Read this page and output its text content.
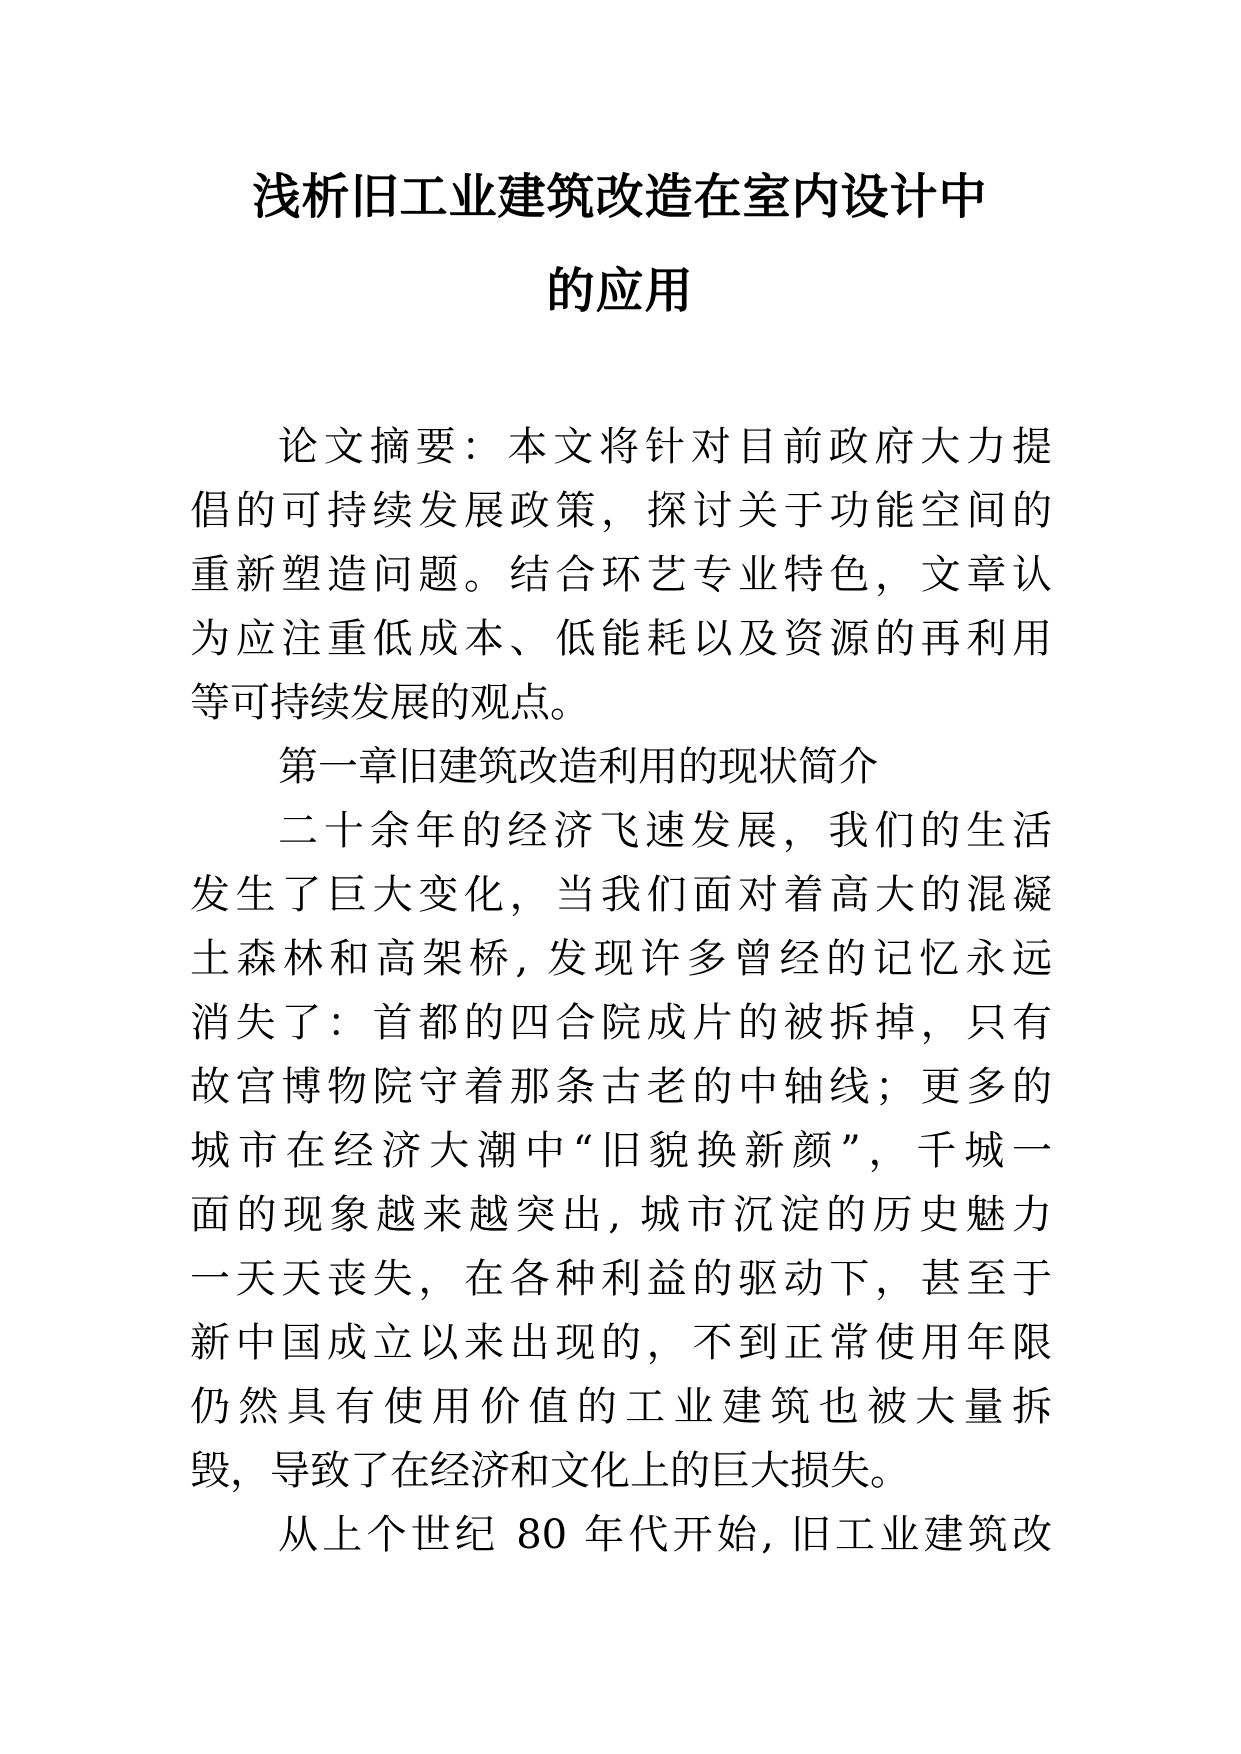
浅析旧工业建筑改造在室内设计中
的应用
论文摘要：本文将针对目前政府大力提
倡的可持续发展政策，探讨关于功能空间的
重新塑造问题。结合环艺专业特色，文章认
为应注重低成本、低能耗以及资源的再利用
等可持续发展的观点。
第一章旧建筑改造利用的现状简介
二十余年的经济飞速发展，我们的生活
发生了巨大变化，当我们面对着高大的混凝
土森林和高架桥, 发现许多曾经的记忆永远
消失了：首都的四合院成片的被拆掉，只有
故宫博物院守着那条古老的中轴线；更多的
城市在经济大潮中“旧貌换新颜”，千城一
面的现象越来越突出, 城市沉淀的历史魅力
一天天丧失，在各种利益的驱动下，甚至于
新中国成立以来出现的，不到正常使用年限
仍然具有使用价值的工业建筑也被大量拆
毁，导致了在经济和文化上的巨大损失。
从上个世纪 80 年代开始, 旧工业建筑改
